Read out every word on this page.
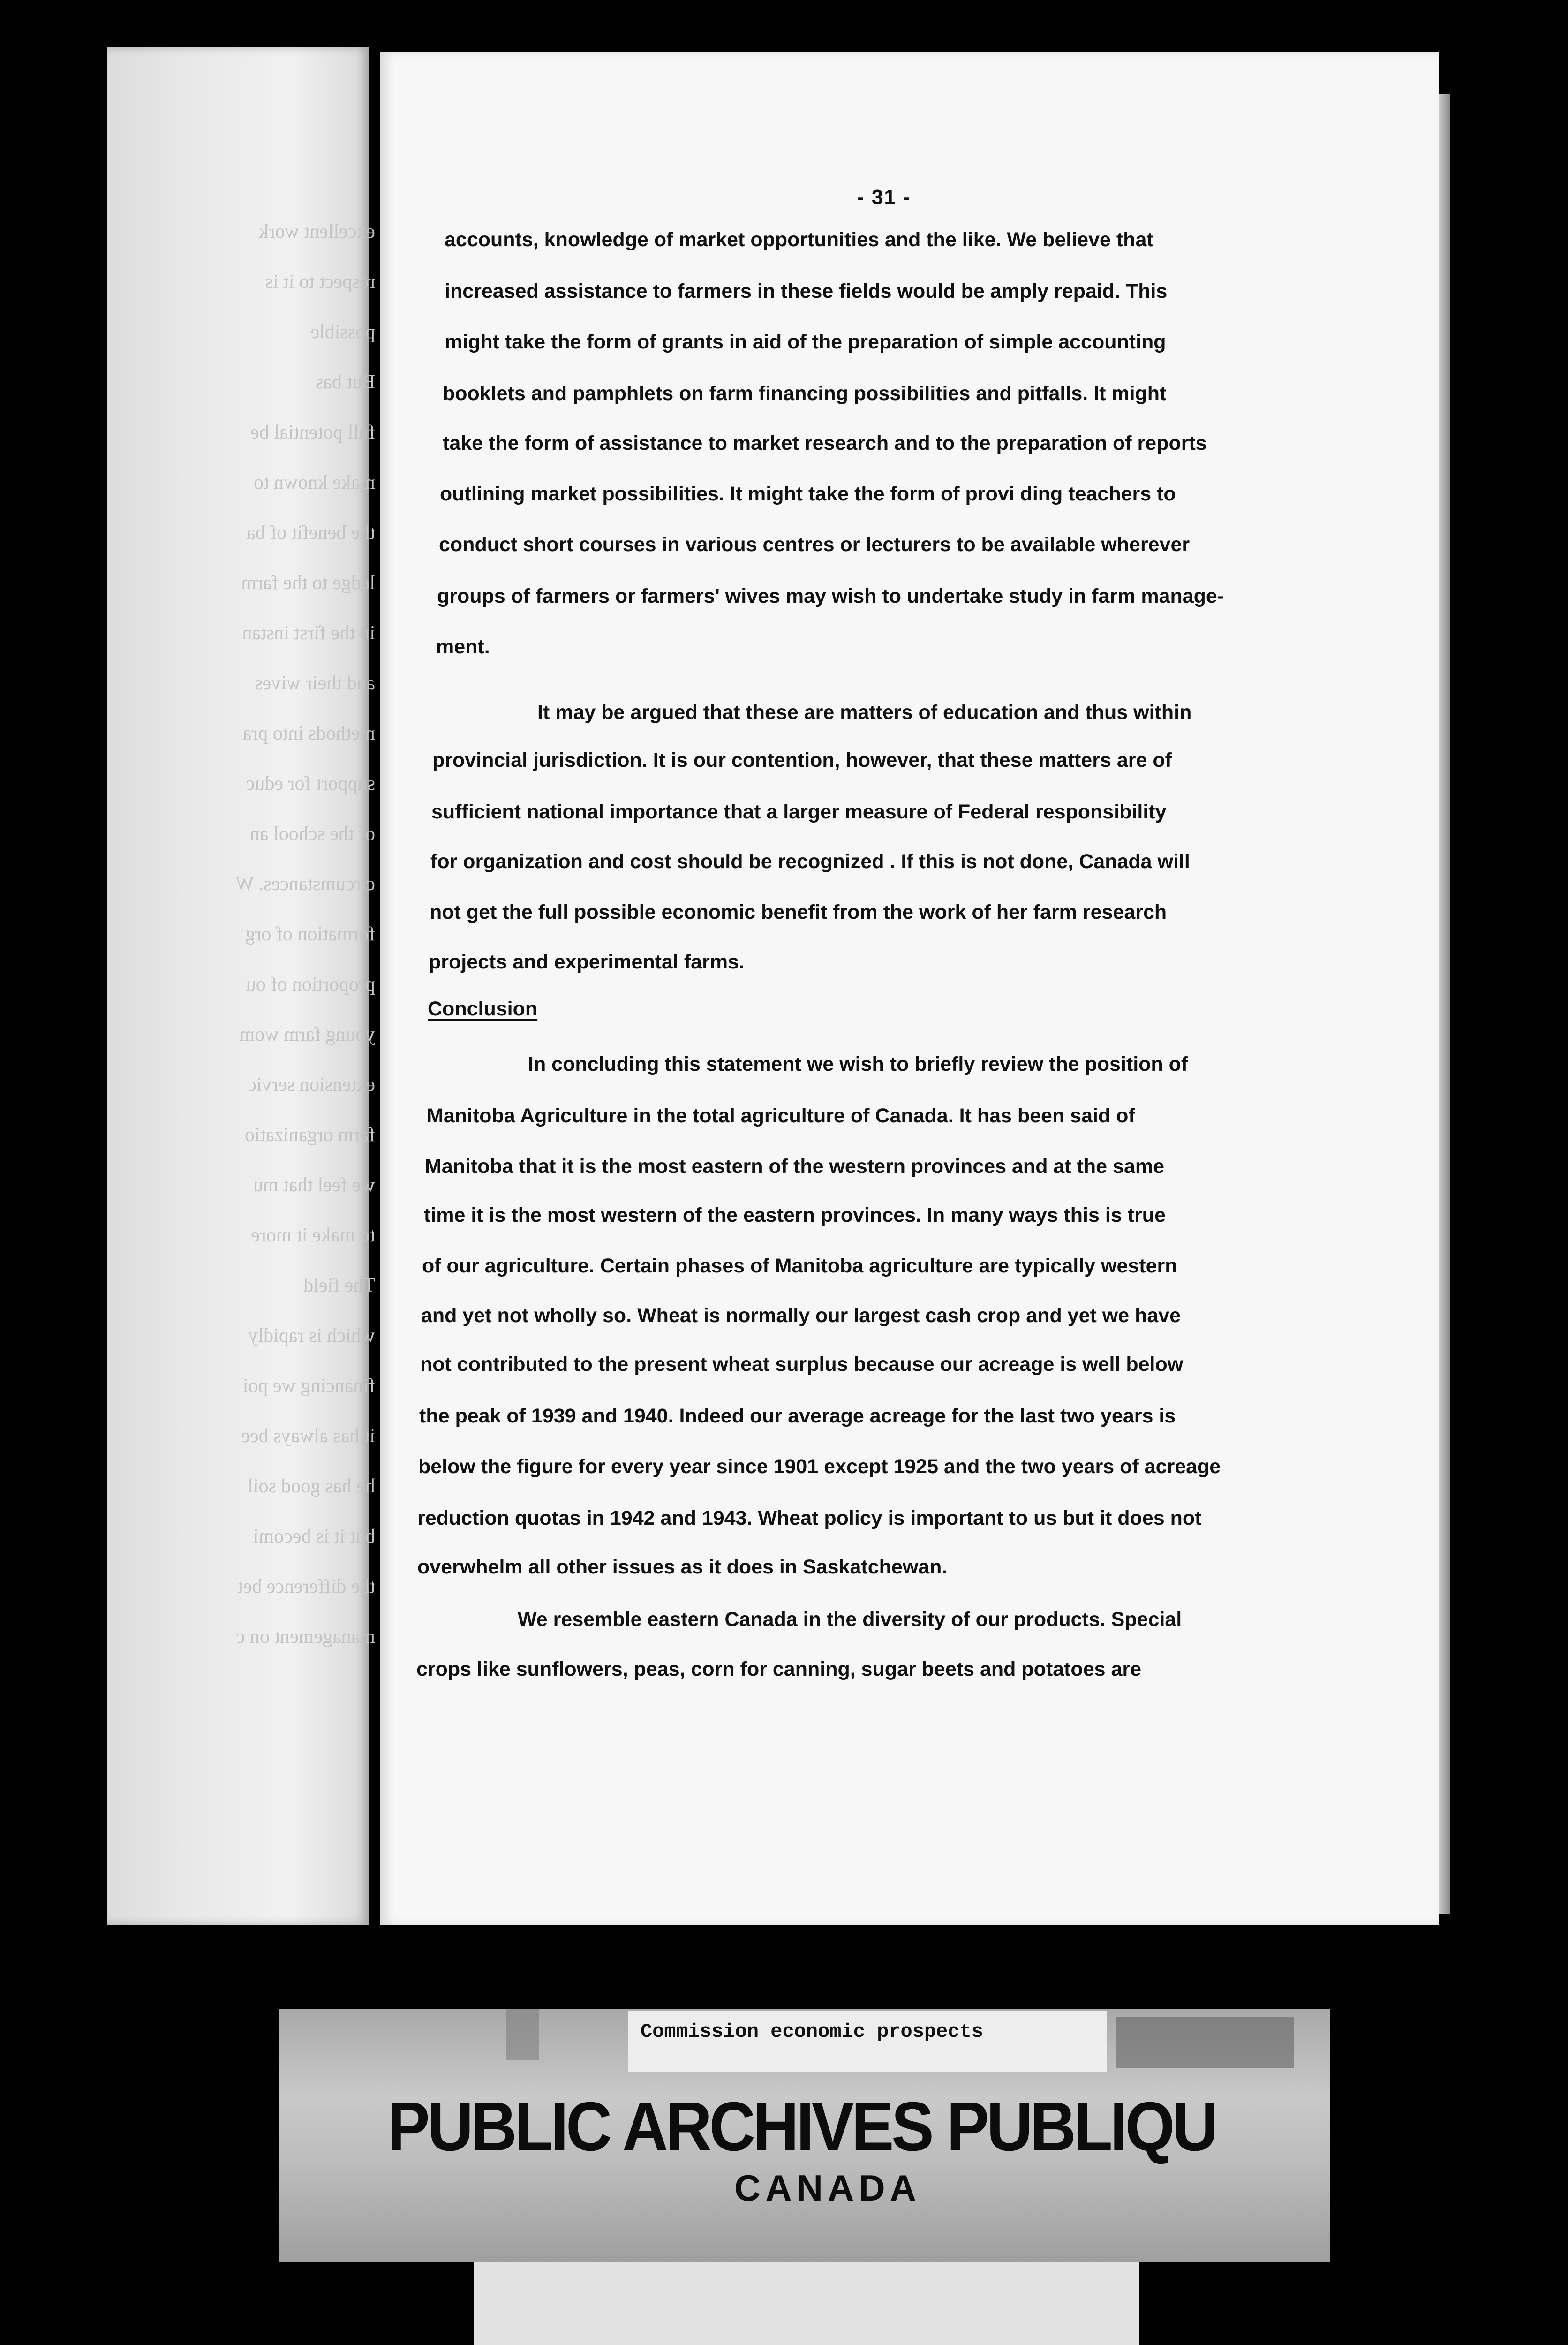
excellent work
respect to it is
possible
But bas
full potential be
make known to
the benefit of ba
ledge to the farm
in the first instan
and their wives
methods into pra
support for educ
of the school an
circumstances. W
formation of org
proportion of ou
young farm wom
extension servic
farm organizatio
we feel that mu
to make it more
The field
which is rapidly
financing we poi
it has always bee
he has good soil
but it is becomi
the difference bet
management on c
- 31 -
accounts, knowledge of market opportunities and the like. We believe that
increased assistance to farmers in these fields would be amply repaid. This
might take the form of grants in aid of the preparation of simple accounting
booklets and pamphlets on farm financing possibilities and pitfalls. It might
take the form of assistance to market research and to the preparation of reports
outlining market possibilities. It might take the form of provi ding teachers to
conduct short courses in various centres or lecturers to be available wherever
groups of farmers or farmers' wives may wish to undertake study in farm manage-
ment.
It may be argued that these are matters of education and thus within
provincial jurisdiction. It is our contention, however, that these matters are of
sufficient national importance that a larger measure of Federal responsibility
for organization and cost should be recognized . If this is not done, Canada will
not get the full possible economic benefit from the work of her farm research
projects and experimental farms.
Conclusion
In concluding this statement we wish to briefly review the position of
Manitoba Agriculture in the total agriculture of Canada. It has been said of
Manitoba that it is the most eastern of the western provinces and at the same
time it is the most western of the eastern provinces. In many ways this is true
of our agriculture. Certain phases of Manitoba agriculture are typically western
and yet not wholly so. Wheat is normally our largest cash crop and yet we have
not contributed to the present wheat surplus because our acreage is well below
the peak of 1939 and 1940. Indeed our average acreage for the last two years is
below the figure for every year since 1901 except 1925 and the two years of acreage
reduction quotas in 1942 and 1943. Wheat policy is important to us but it does not
overwhelm all other issues as it does in Saskatchewan.
We resemble eastern Canada in the diversity of our products. Special
crops like sunflowers, peas, corn for canning, sugar beets and potatoes are
Commission economic prospects
PUBLIC ARCHIVES PUBLIQU
CANADA
